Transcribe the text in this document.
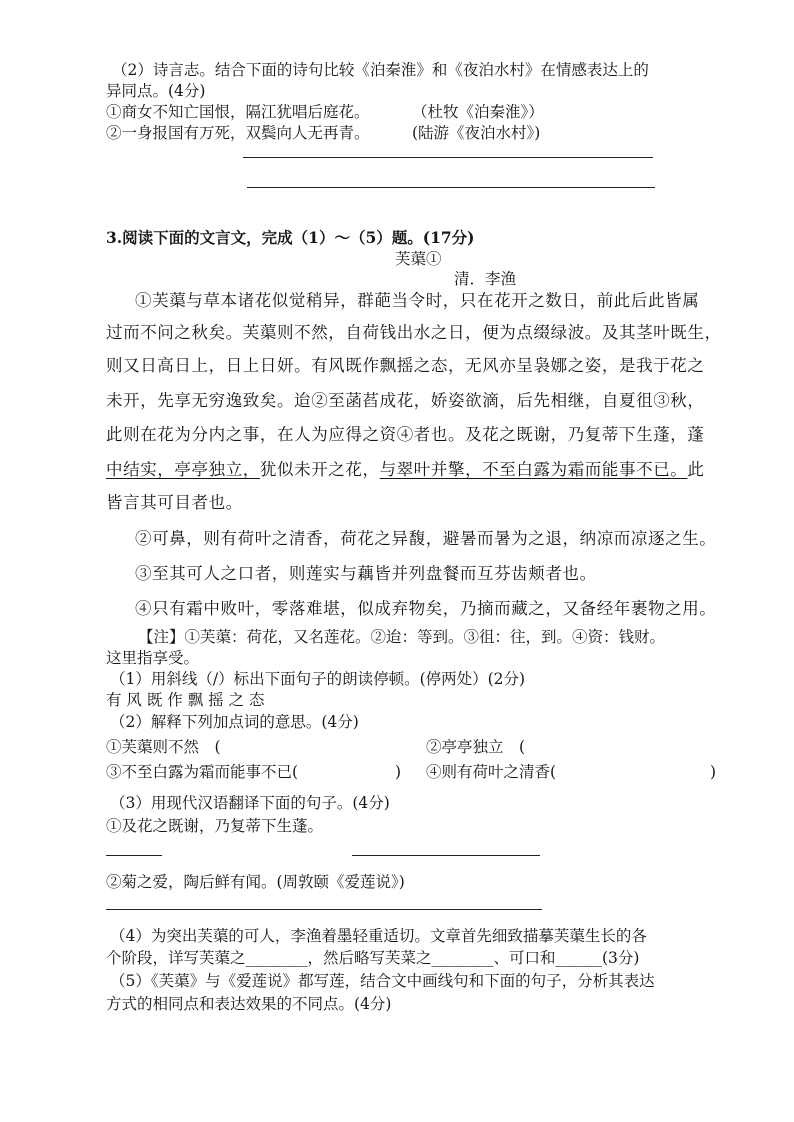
（2）诗言志。结合下面的诗句比较《泊秦淮》和《夜泊水村》在情感表达上的
异同点。(4分)
①商女不知亡国恨，隔江犹唱后庭花。	（杜牧《泊秦淮》）
②一身报国有万死，双鬓向人无再青。	(陆游《夜泊水村》)
3.阅读下面的文言文，完成（1）～（5）题。(17分)
芙蕖①
清．李渔
①芙蕖与草本诸花似觉稍异，群葩当令时，只在花开之数日，前此后此皆属
过而不问之秋矣。芙蕖则不然，自荷钱出水之日，便为点缀绿波。及其茎叶既生，
则又日高日上，日上日妍。有风既作飘摇之态，无风亦呈袅娜之姿，是我于花之
未开，先享无穷逸致矣。迨②至菡萏成花，娇姿欲滴，后先相继，自夏徂③秋，
此则在花为分内之事，在人为应得之资④者也。及花之既谢，乃复蒂下生蓬，蓬
中结实，亭亭独立，犹似未开之花，与翠叶并擎，不至白露为霜而能事不已。此
皆言其可目者也。
②可鼻，则有荷叶之清香，荷花之异馥，避暑而暑为之退，纳凉而凉逐之生。
③至其可人之口者，则莲实与藕皆并列盘餐而互芬齿颊者也。
④只有霜中败叶，零落难堪，似成弃物矣，乃摘而藏之，又备经年裹物之用。
【注】①芙蕖：荷花，又名莲花。②迨：等到。③徂：往，到。④资：钱财。
这里指享受。
（1）用斜线（/）标出下面句子的朗读停顿。(停两处）(2分)
有 风 既 作 飘 摇 之 态
（2）解释下列加点词的意思。(4分)
①芙蕖则不然　(	②亭亭独立　(
③不至白露为霜而能事不已(	) ④则有荷叶之清香(	)
（3）用现代汉语翻译下面的句子。(4分)
①及花之既谢，乃复蒂下生蓬。
②菊之爱，陶后鲜有闻。(周敦颐《爱莲说》)
（4）为突出芙蕖的可人，李渔着墨轻重适切。文章首先细致描摹芙蕖生长的各
个阶段，详写芙蕖之________，然后略写芙菜之________、可口和______(3分)
（5）《芙蕖》与《爱莲说》都写莲，结合文中画线句和下面的句子，分析其表达
方式的相同点和表达效果的不同点。(4分)
